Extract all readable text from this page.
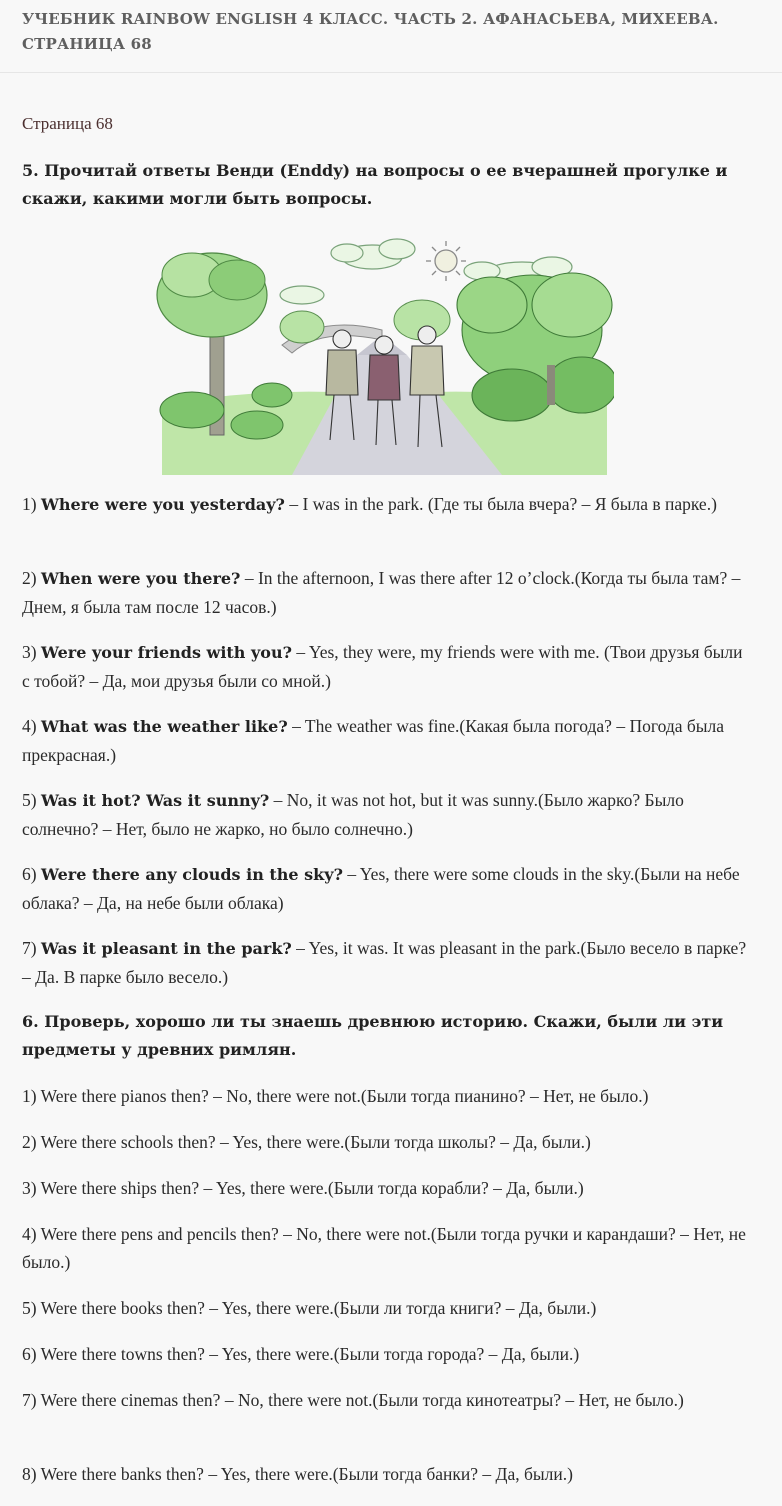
УЧЕБНИК RAINBOW ENGLISH 4 КЛАСС. ЧАСТЬ 2. АФАНАСЬЕВА, МИХЕЕВА. СТРАНИЦА 68
Страница 68
5. Прочитай ответы Венди (Enddy) на вопросы о ее вчерашней прогулке и скажи, какими могли быть вопросы.
1) Where were you yesterday? – I was in the park. (Где ты была вчера? – Я была в парке.)
2) When were you there? – In the afternoon, I was there after 12 o’clock.(Когда ты была там? – Днем, я была там после 12 часов.)
3) Were your friends with you? – Yes, they were, my friends were with me. (Твои друзья были с тобой? – Да, мои друзья были со мной.)
4) What was the weather like? – The weather was fine.(Какая была погода? – Погода была прекрасная.)
5) Was it hot? Was it sunny? – No, it was not hot, but it was sunny.(Было жарко? Было солнечно? – Нет, было не жарко, но было солнечно.)
6) Were there any clouds in the sky? – Yes, there were some clouds in the sky.(Были на небе облака? – Да, на небе были облака)
7) Was it pleasant in the park? – Yes, it was. It was pleasant in the park.(Было весело в парке? – Да. В парке было весело.)
6. Проверь, хорошо ли ты знаешь древнюю историю. Скажи, были ли эти предметы у древних римлян.
1) Were there pianos then? – No, there were not.(Были тогда пианино? – Нет, не было.)
2) Were there schools then? – Yes, there were.(Были тогда школы? – Да, были.)
3) Were there ships then? – Yes, there were.(Были тогда корабли? – Да, были.)
4) Were there pens and pencils then? – No, there were not.(Были тогда ручки и карандаши? – Нет, не было.)
5) Were there books then? – Yes, there were.(Были ли тогда книги? – Да, были.)
6) Were there towns then? – Yes, there were.(Были тогда города? – Да, были.)
7) Were there cinemas then? – No, there were not.(Были тогда кинотеатры? – Нет, не было.)
8) Were there banks then? – Yes, there were.(Были тогда банки? – Да, были.)
